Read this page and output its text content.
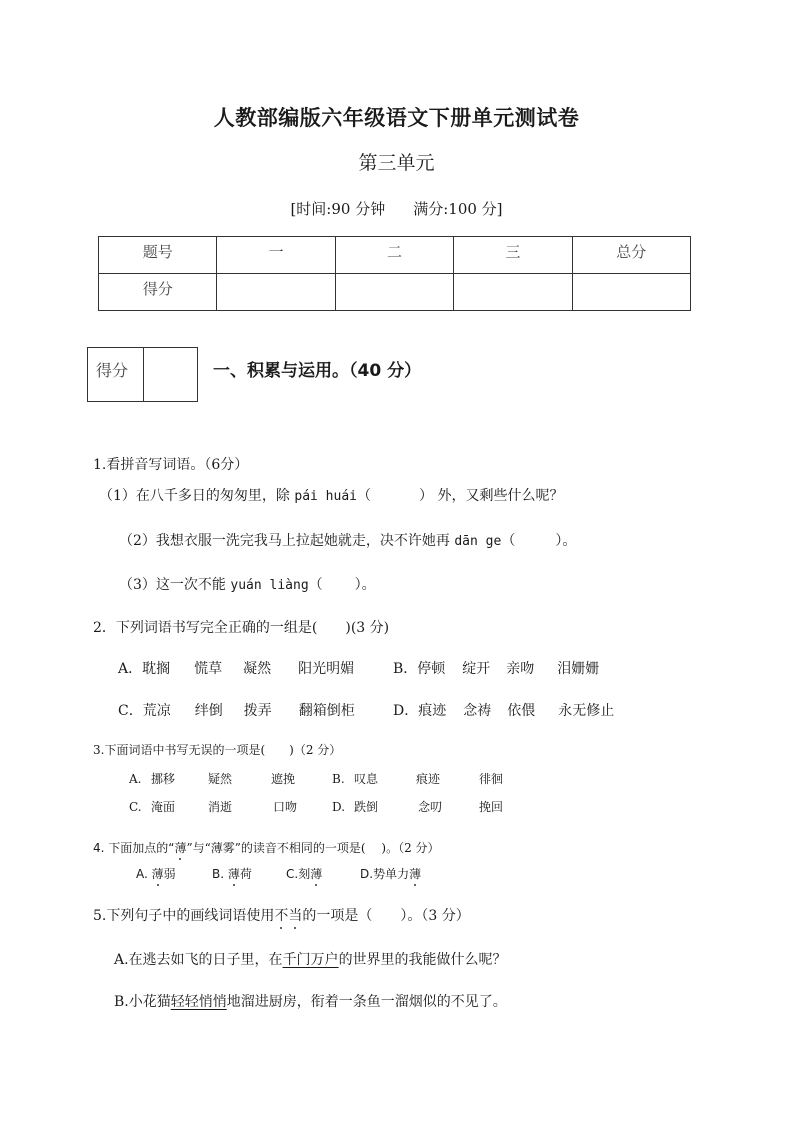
人教部编版六年级语文下册单元测试卷
第三单元
[时间:90 分钟 满分:100 分]
题号	一	二	三	总分
得分				
得分	一、积累与运用。（40 分）
1.看拼音写词语。（6分）
（1）在八千多日的匆匆里，除 pái huái（	） 外，又剩些什么呢？
（2）我想衣服一洗完我马上拉起她就走，决不许她再 dān ge（	）。
（3）这一次不能 yuán liàng（ ）。
2．下列词语书写完全正确的一组是(　　)(3 分)
A．耽搁 慌草 凝然 阳光明媚	B．停顿 绽开 亲吻 泪姗姗
C．荒凉 绊倒 拨弄 翻箱倒柜	D．痕迹 念祷 依偎 永无修止
3.下面词语中书写无误的一项是(　　)（2 分）
A. 挪移	疑然	遮挽	B. 叹息	痕迹	徘徊
C. 淹面	消逝	口吻	D. 跌倒	念叨	挽回
4. 下面加点的“薄”与“薄雾”的读音不相同的一项是(　 )。（2 分）
A. 薄弱	B. 薄荷	C.刻薄	D.势单力薄
5.下列句子中的画线词语使用不当的一项是（　　）。（3 分）
A.在逃去如飞的日子里，在千门万户的世界里的我能做什么呢？
B.小花猫轻轻悄悄地溜进厨房，衔着一条鱼一溜烟似的不见了。
